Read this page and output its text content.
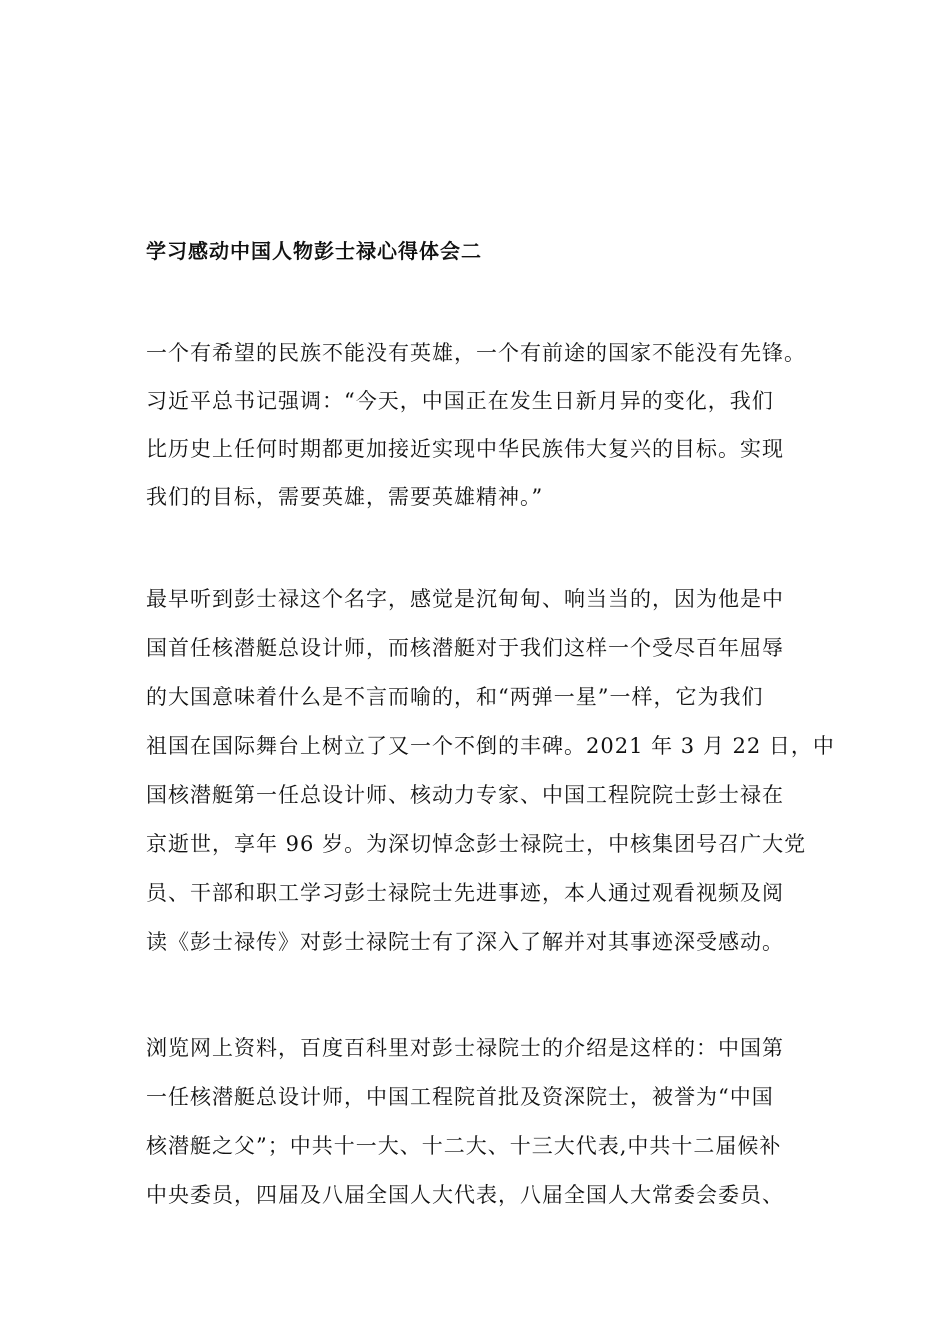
学习感动中国人物彭士禄心得体会二
一个有希望的民族不能没有英雄，一个有前途的国家不能没有先锋。
习近平总书记强调：“今天，中国正在发生日新月异的变化，我们
比历史上任何时期都更加接近实现中华民族伟大复兴的目标。实现
我们的目标，需要英雄，需要英雄精神。”
最早听到彭士禄这个名字，感觉是沉甸甸、响当当的，因为他是中
国首任核潜艇总设计师，而核潜艇对于我们这样一个受尽百年屈辱
的大国意味着什么是不言而喻的，和“两弹一星”一样，它为我们
祖国在国际舞台上树立了又一个不倒的丰碑。2021 年 3 月 22 日，中
国核潜艇第一任总设计师、核动力专家、中国工程院院士彭士禄在
京逝世，享年 96 岁。为深切悼念彭士禄院士，中核集团号召广大党
员、干部和职工学习彭士禄院士先进事迹，本人通过观看视频及阅
读《彭士禄传》对彭士禄院士有了深入了解并对其事迹深受感动。
浏览网上资料，百度百科里对彭士禄院士的介绍是这样的：中国第
一任核潜艇总设计师，中国工程院首批及资深院士，被誉为“中国
核潜艇之父”；中共十一大、十二大、十三大代表,中共十二届候补
中央委员，四届及八届全国人大代表，八届全国人大常委会委员、
